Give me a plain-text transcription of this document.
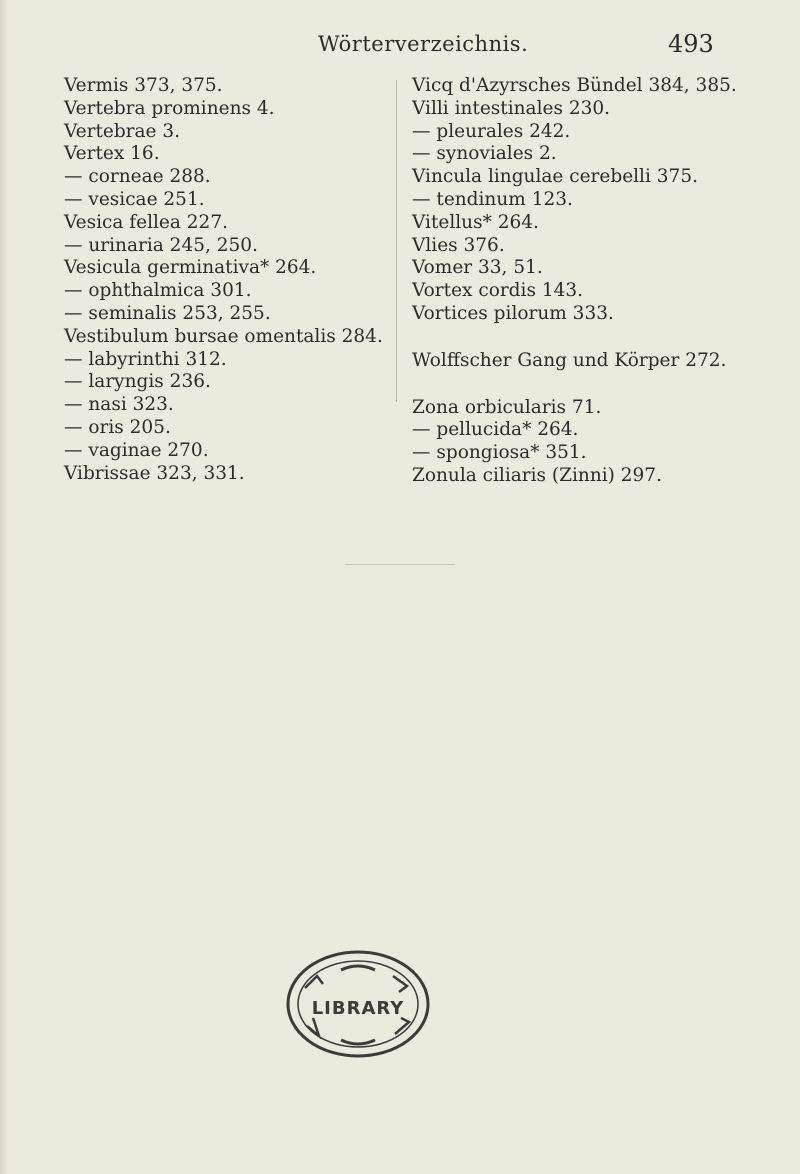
Wörterverzeichnis.	493
Vermis 373, 375.
Vertebra prominens 4.
Vertebrae 3.
Vertex 16.
— corneae 288.
— vesicae 251.
Vesica fellea 227.
— urinaria 245, 250.
Vesicula germinativa* 264.
— ophthalmica 301.
— seminalis 253, 255.
Vestibulum bursae omentalis 284.
— labyrinthi 312.
— laryngis 236.
— nasi 323.
— oris 205.
— vaginae 270.
Vibrissae 323, 331.
Vicq d'Azyrsches Bündel 384, 385.
Villi intestinales 230.
— pleurales 242.
— synoviales 2.
Vincula lingulae cerebelli 375.
— tendinum 123.
Vitellus* 264.
Vlies 376.
Vomer 33, 51.
Vortex cordis 143.
Vortices pilorum 333.
Wolffscher Gang und Körper 272.
Zona orbicularis 71.
— pellucida* 264.
— spongiosa* 351.
Zonula ciliaris (Zinni) 297.
LIBRARY
